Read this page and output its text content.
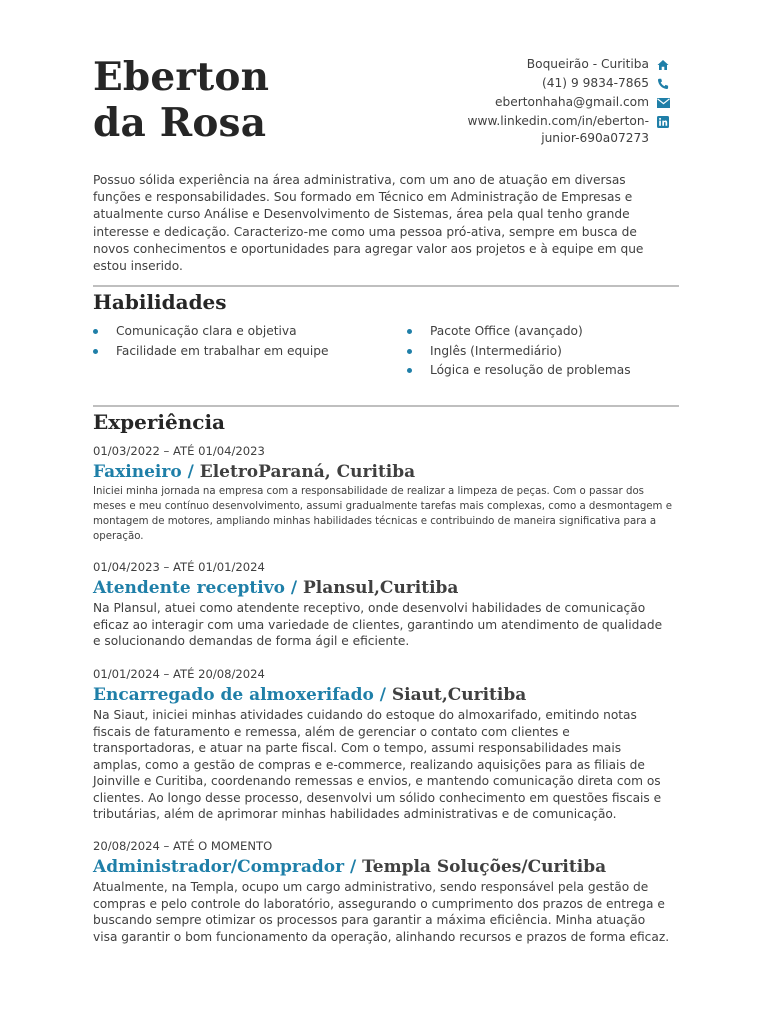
Eberton
da Rosa
Boqueirão - Curitiba
(41) 9 9834-7865
ebertonhaha@gmail.com
www.linkedin.com/in/eberton-junior-690a07273

Possuo sólida experiência na área administrativa, com um ano de atuação em diversas funções e responsabilidades. Sou formado em Técnico em Administração de Empresas e atualmente curso Análise e Desenvolvimento de Sistemas, área pela qual tenho grande interesse e dedicação. Caracterizo-me como uma pessoa pró-ativa, sempre em busca de novos conhecimentos e oportunidades para agregar valor aos projetos e à equipe em que estou inserido.

Habilidades
Comunicação clara e objetiva
Facilidade em trabalhar em equipe
Pacote Office (avançado)
Inglês (Intermediário)
Lógica e resolução de problemas
Experiência

01/03/2022 – ATÉ 01/04/2023

Faxineiro / EletroParaná, Curitiba

Iniciei minha jornada na empresa com a responsabilidade de realizar a limpeza de peças. Com o passar dos meses e meu contínuo desenvolvimento, assumi gradualmente tarefas mais complexas, como a desmontagem e montagem de motores, ampliando minhas habilidades técnicas e contribuindo de maneira significativa para a operação.

01/04/2023 – ATÉ 01/01/2024

Atendente receptivo / Plansul,Curitiba

Na Plansul, atuei como atendente receptivo, onde desenvolvi habilidades de comunicação eficaz ao interagir com uma variedade de clientes, garantindo um atendimento de qualidade e solucionando demandas de forma ágil e eficiente.

01/01/2024 – ATÉ 20/08/2024

Encarregado de almoxerifado / Siaut,Curitiba

Na Siaut, iniciei minhas atividades cuidando do estoque do almoxarifado, emitindo notas fiscais de faturamento e remessa, além de gerenciar o contato com clientes e transportadoras, e atuar na parte fiscal. Com o tempo, assumi responsabilidades mais amplas, como a gestão de compras e e-commerce, realizando aquisições para as filiais de Joinville e Curitiba, coordenando remessas e envios, e mantendo comunicação direta com os clientes. Ao longo desse processo, desenvolvi um sólido conhecimento em questões fiscais e tributárias, além de aprimorar minhas habilidades administrativas e de comunicação.

20/08/2024 – ATÉ O MOMENTO

Administrador/Comprador / Templa Soluções/Curitiba

Atualmente, na Templa, ocupo um cargo administrativo, sendo responsável pela gestão de compras e pelo controle do laboratório, assegurando o cumprimento dos prazos de entrega e buscando sempre otimizar os processos para garantir a máxima eficiência. Minha atuação visa garantir o bom funcionamento da operação, alinhando recursos e prazos de forma eficaz.
